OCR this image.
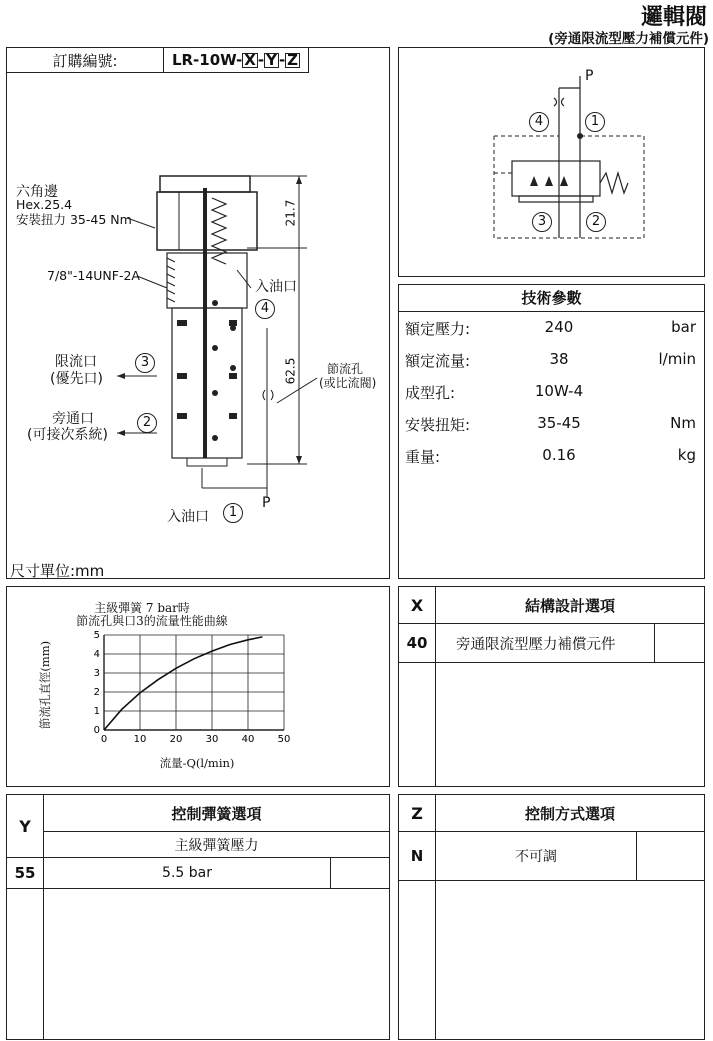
邏輯閥
(旁通限流型壓力補償元件)
訂購編號:	LR-10W- X - Y - Z
六角邊
Hex.25.4
安裝扭力 35-45 Nm
7/8"-14UNF-2A
入油口
4
限流口
(優先口)
3
旁通口
(可接次系統)
2
節流孔
(或比流閥)
21.7
62.5
P
入油口	1
尺寸單位:mm
P
4	1
3	2
技術參數
額定壓力:	240	bar
額定流量:	38	l/min
成型孔:	10W-4
安裝扭矩:	35-45	Nm
重量:	0.16	kg
主級彈簧 7 bar時
節流孔與口3的流量性能曲線
0	10 20 30 40 50
0
1
2
3
4
5
節流孔直徑(mm)
流量-Q(l/min)
X	結構設計選項
40	旁通限流型壓力補償元件
Y
控制彈簧選項
主級彈簧壓力
55	5.5 bar
Z	控制方式選項
N	不可調
